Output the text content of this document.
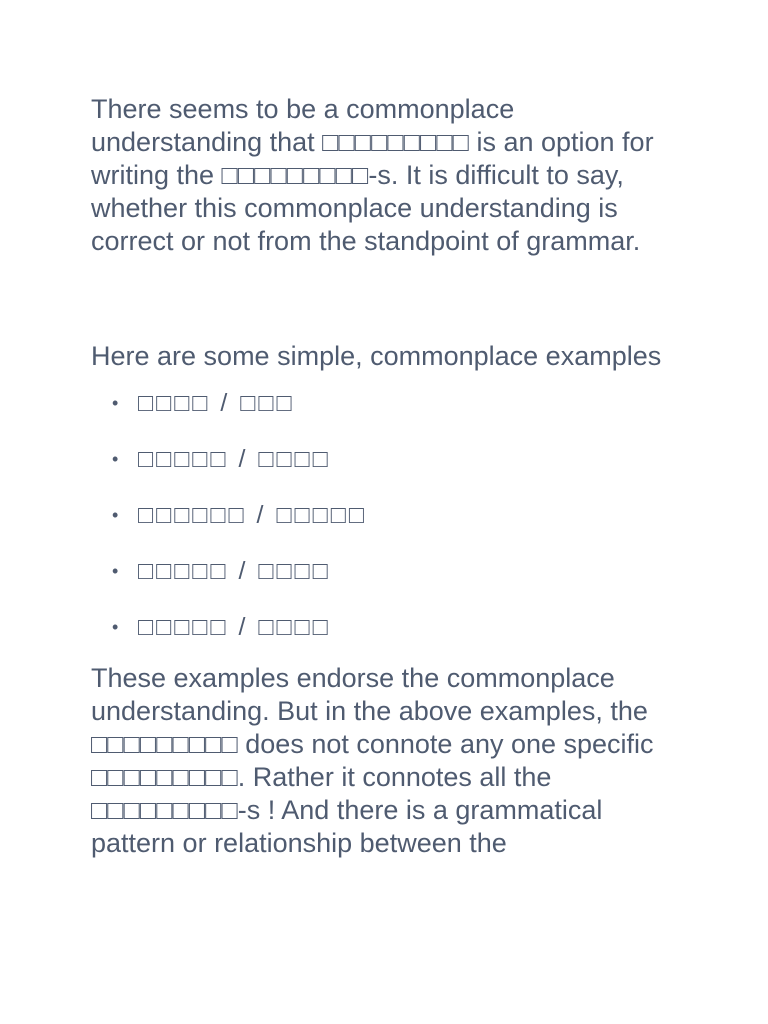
There seems to be a commonplace understanding that □□□□□□□□□ is an option for writing the □□□□□□□□□-s. It is difficult to say, whether this commonplace understanding is correct or not from the standpoint of grammar.

Here are some simple, commonplace examples

• □□□□ / □□□
• □□□□□ / □□□□
• □□□□□□ / □□□□□
• □□□□□ / □□□□
• □□□□□ / □□□□

These examples endorse the commonplace understanding. But in the above examples, the □□□□□□□□□ does not connote any one specific □□□□□□□□□. Rather it connotes all the □□□□□□□□□-s ! And there is a grammatical pattern or relationship between the
